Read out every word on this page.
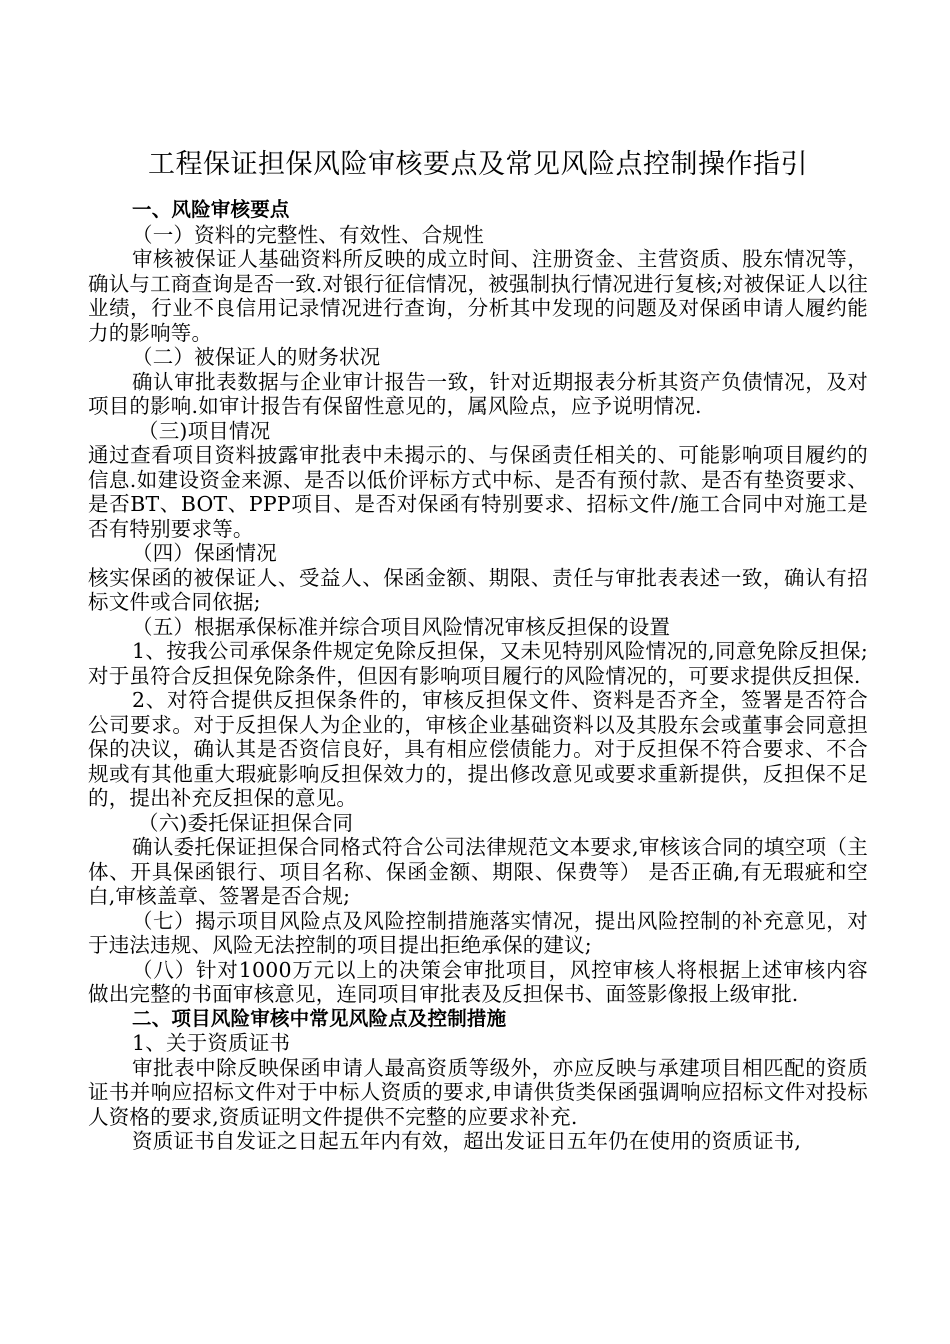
工程保证担保风险审核要点及常见风险点控制操作指引
一、风险审核要点
（一）资料的完整性、有效性、合规性

审核被保证人基础资料所反映的成立时间、注册资金、主营资质、股东情况等，确认与工商查询是否一致.对银行征信情况，被强制执行情况进行复核;对被保证人以往业绩，行业不良信用记录情况进行查询，分析其中发现的问题及对保函申请人履约能力的影响等。

（二）被保证人的财务状况

确认审批表数据与企业审计报告一致，针对近期报表分析其资产负债情况，及对项目的影响.如审计报告有保留性意见的，属风险点，应予说明情况.

（三)项目情况

通过查看项目资料披露审批表中未揭示的、与保函责任相关的、可能影响项目履约的信息.如建设资金来源、是否以低价评标方式中标、是否有预付款、是否有垫资要求、是否BT、BOT、PPP项目、是否对保函有特别要求、招标文件/施工合同中对施工是否有特别要求等。

（四）保函情况

核实保函的被保证人、受益人、保函金额、期限、责任与审批表表述一致，确认有招标文件或合同依据;

（五）根据承保标准并综合项目风险情况审核反担保的设置

1、按我公司承保条件规定免除反担保，又未见特别风险情况的,同意免除反担保;对于虽符合反担保免除条件，但因有影响项目履行的风险情况的，可要求提供反担保.

2、对符合提供反担保条件的，审核反担保文件、资料是否齐全，签署是否符合公司要求。对于反担保人为企业的，审核企业基础资料以及其股东会或董事会同意担保的决议，确认其是否资信良好，具有相应偿债能力。对于反担保不符合要求、不合规或有其他重大瑕疵影响反担保效力的，提出修改意见或要求重新提供，反担保不足的，提出补充反担保的意见。

（六)委托保证担保合同

确认委托保证担保合同格式符合公司法律规范文本要求,审核该合同的填空项（主体、开具保函银行、项目名称、保函金额、期限、保费等） 是否正确,有无瑕疵和空白,审核盖章、签署是否合规;

（七）揭示项目风险点及风险控制措施落实情况，提出风险控制的补充意见，对于违法违规、风险无法控制的项目提出拒绝承保的建议;

（八）针对1000万元以上的决策会审批项目，风控审核人将根据上述审核内容做出完整的书面审核意见，连同项目审批表及反担保书、面签影像报上级审批.

二、项目风险审核中常见风险点及控制措施
1、关于资质证书

审批表中除反映保函申请人最高资质等级外，亦应反映与承建项目相匹配的资质证书并响应招标文件对于中标人资质的要求,申请供货类保函强调响应招标文件对投标人资格的要求,资质证明文件提供不完整的应要求补充.

资质证书自发证之日起五年内有效，超出发证日五年仍在使用的资质证书,
